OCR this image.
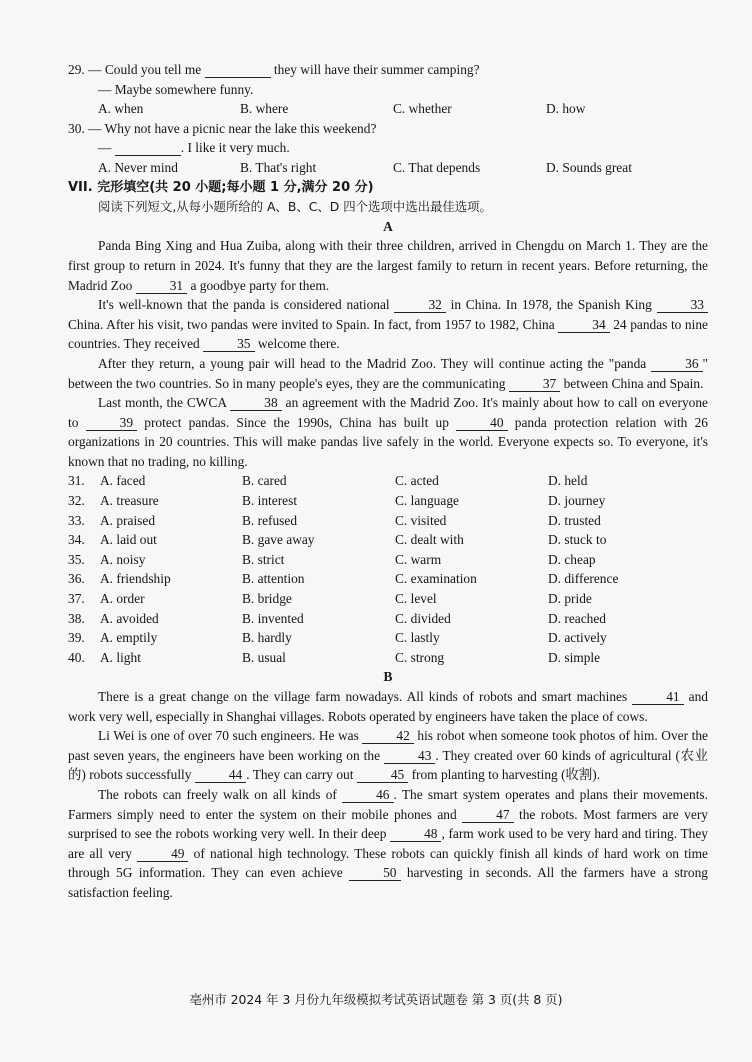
29. — Could you tell me	they will have their summer camping?
— Maybe somewhere funny.
A. when	B. where	C. whether	D. how
30. — Why not have a picnic near the lake this weekend?
—	. I like it very much.
A. Never mind	B. That's right	C. That depends	D. Sounds great
VII. 完形填空(共 20 小题;每小题 1 分,满分 20 分)
阅读下列短文,从每小题所给的 A、B、C、D 四个选项中选出最佳选项。
A

Panda Bing Xing and Hua Zuiba, along with their three children, arrived in Chengdu on March 1. They are the first group to return in 2024. It's funny that they are the largest family to return in recent years. Before returning, the Madrid Zoo	31 a goodbye party for them.

It's well-known that the panda is considered national	32 in China. In 1978, the Spanish King	33 China. After his visit, two pandas were invited to Spain. In fact, from 1957 to 1982, China	34 24 pandas to nine countries. They received	35 welcome there.

After they return, a young pair will head to the Madrid Zoo. They will continue acting the "panda	36 " between the two countries. So in many people's eyes, they are the communicating	37 between China and Spain.

Last month, the CWCA	38 an agreement with the Madrid Zoo. It's mainly about how to call on everyone to	39 protect pandas. Since the 1990s, China has built up	40 panda protection relation with 26 organizations in 20 countries. This will make pandas live safely in the world. Everyone expects so. To everyone, it's known that no trading, no killing.

31.	A. faced	B. cared	C. acted	D. held
32.	A. treasure	B. interest	C. language	D. journey
33.	A. praised	B. refused	C. visited	D. trusted
34.	A. laid out	B. gave away	C. dealt with	D. stuck to
35.	A. noisy	B. strict	C. warm	D. cheap
36.	A. friendship	B. attention	C. examination	D. difference
37.	A. order	B. bridge	C. level	D. pride
38.	A. avoided	B. invented	C. divided	D. reached
39.	A. emptily	B. hardly	C. lastly	D. actively
40.	A. light	B. usual	C. strong	D. simple
B

There is a great change on the village farm nowadays. All kinds of robots and smart machines	41 and work very well, especially in Shanghai villages. Robots operated by engineers have taken the place of cows.

Li Wei is one of over 70 such engineers. He was	42 his robot when someone took photos of him. Over the past seven years, the engineers have been working on the	43 . They created over 60 kinds of agricultural (农业的) robots successfully	44 . They can carry out	45 from planting to harvesting (收割).

The robots can freely walk on all kinds of	46 . The smart system operates and plans their movements. Farmers simply need to enter the system on their mobile phones and	47 the robots. Most farmers are very surprised to see the robots working very well. In their deep	48 , farm work used to be very hard and tiring. They are all very	49 of national high technology. These robots can quickly finish all kinds of hard work on time through 5G information. They can even achieve	50 harvesting in seconds. All the farmers have a strong satisfaction feeling.

亳州市 2024 年 3 月份九年级模拟考试英语试题卷 第 3 页(共 8 页)
